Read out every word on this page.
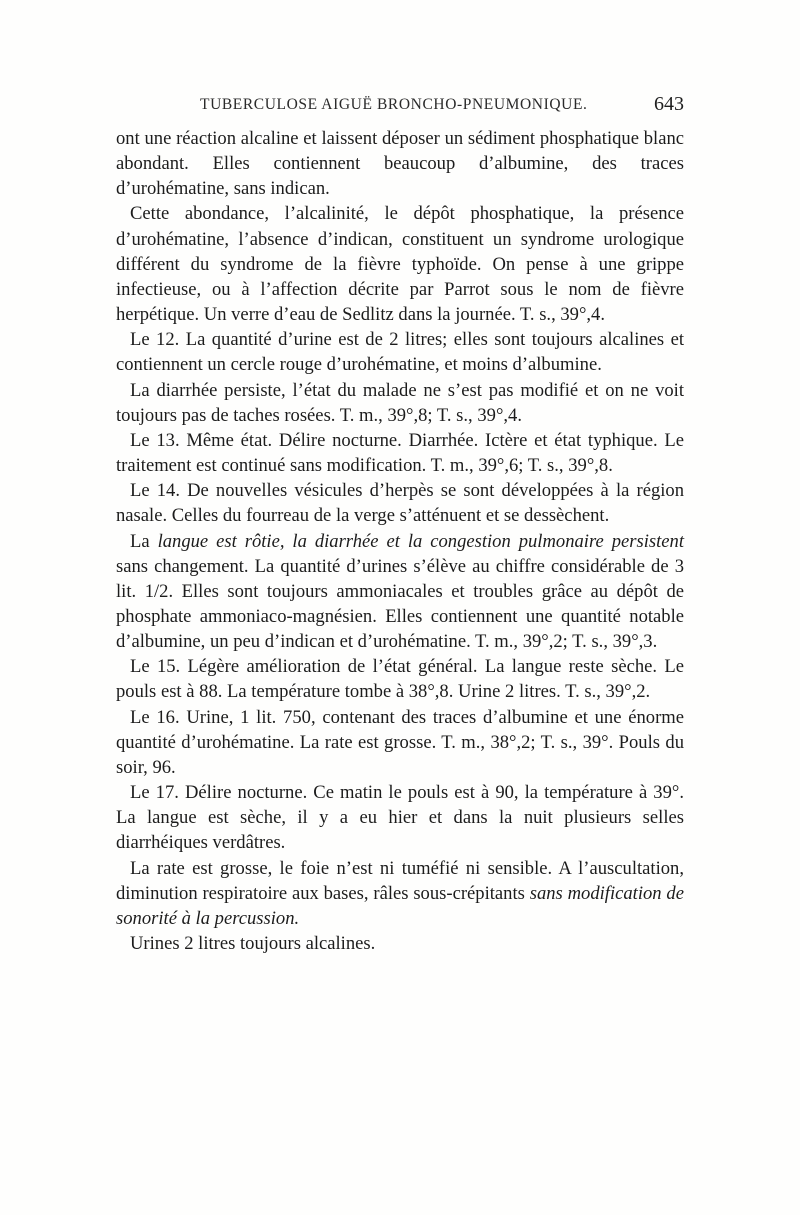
TUBERCULOSE AIGUË BRONCHO-PNEUMONIQUE.	643

ont une réaction alcaline et laissent déposer un sédiment phosphatique blanc abondant. Elles contiennent beaucoup d’albumine, des traces d’urohématine, sans indican.

Cette abondance, l’alcalinité, le dépôt phosphatique, la présence d’urohématine, l’absence d’indican, constituent un syndrome urologique différent du syndrome de la fièvre typhoïde. On pense à une grippe infectieuse, ou à l’affection décrite par Parrot sous le nom de fièvre herpétique. Un verre d’eau de Sedlitz dans la journée. T. s., 39°,4.

Le 12. La quantité d’urine est de 2 litres; elles sont toujours alcalines et contiennent un cercle rouge d’urohématine, et moins d’albumine.

La diarrhée persiste, l’état du malade ne s’est pas modifié et on ne voit toujours pas de taches rosées. T. m., 39°,8; T. s., 39°,4.

Le 13. Même état. Délire nocturne. Diarrhée. Ictère et état typhique. Le traitement est continué sans modification. T. m., 39°,6; T. s., 39°,8.

Le 14. De nouvelles vésicules d’herpès se sont développées à la région nasale. Celles du fourreau de la verge s’atténuent et se dessèchent.

La langue est rôtie, la diarrhée et la congestion pulmonaire persistent sans changement. La quantité d’urines s’élève au chiffre considérable de 3 lit. 1/2. Elles sont toujours ammoniacales et troubles grâce au dépôt de phosphate ammoniaco-magnésien. Elles contiennent une quantité notable d’albumine, un peu d’indican et d’urohématine. T. m., 39°,2; T. s., 39°,3.

Le 15. Légère amélioration de l’état général. La langue reste sèche. Le pouls est à 88. La température tombe à 38°,8. Urine 2 litres. T. s., 39°,2.

Le 16. Urine, 1 lit. 750, contenant des traces d’albumine et une énorme quantité d’urohématine. La rate est grosse. T. m., 38°,2; T. s., 39°. Pouls du soir, 96.

Le 17. Délire nocturne. Ce matin le pouls est à 90, la température à 39°. La langue est sèche, il y a eu hier et dans la nuit plusieurs selles diarrhéiques verdâtres.

La rate est grosse, le foie n’est ni tuméfié ni sensible. A l’auscultation, diminution respiratoire aux bases, râles sous-crépitants sans modification de sonorité à la percussion.

Urines 2 litres toujours alcalines.
